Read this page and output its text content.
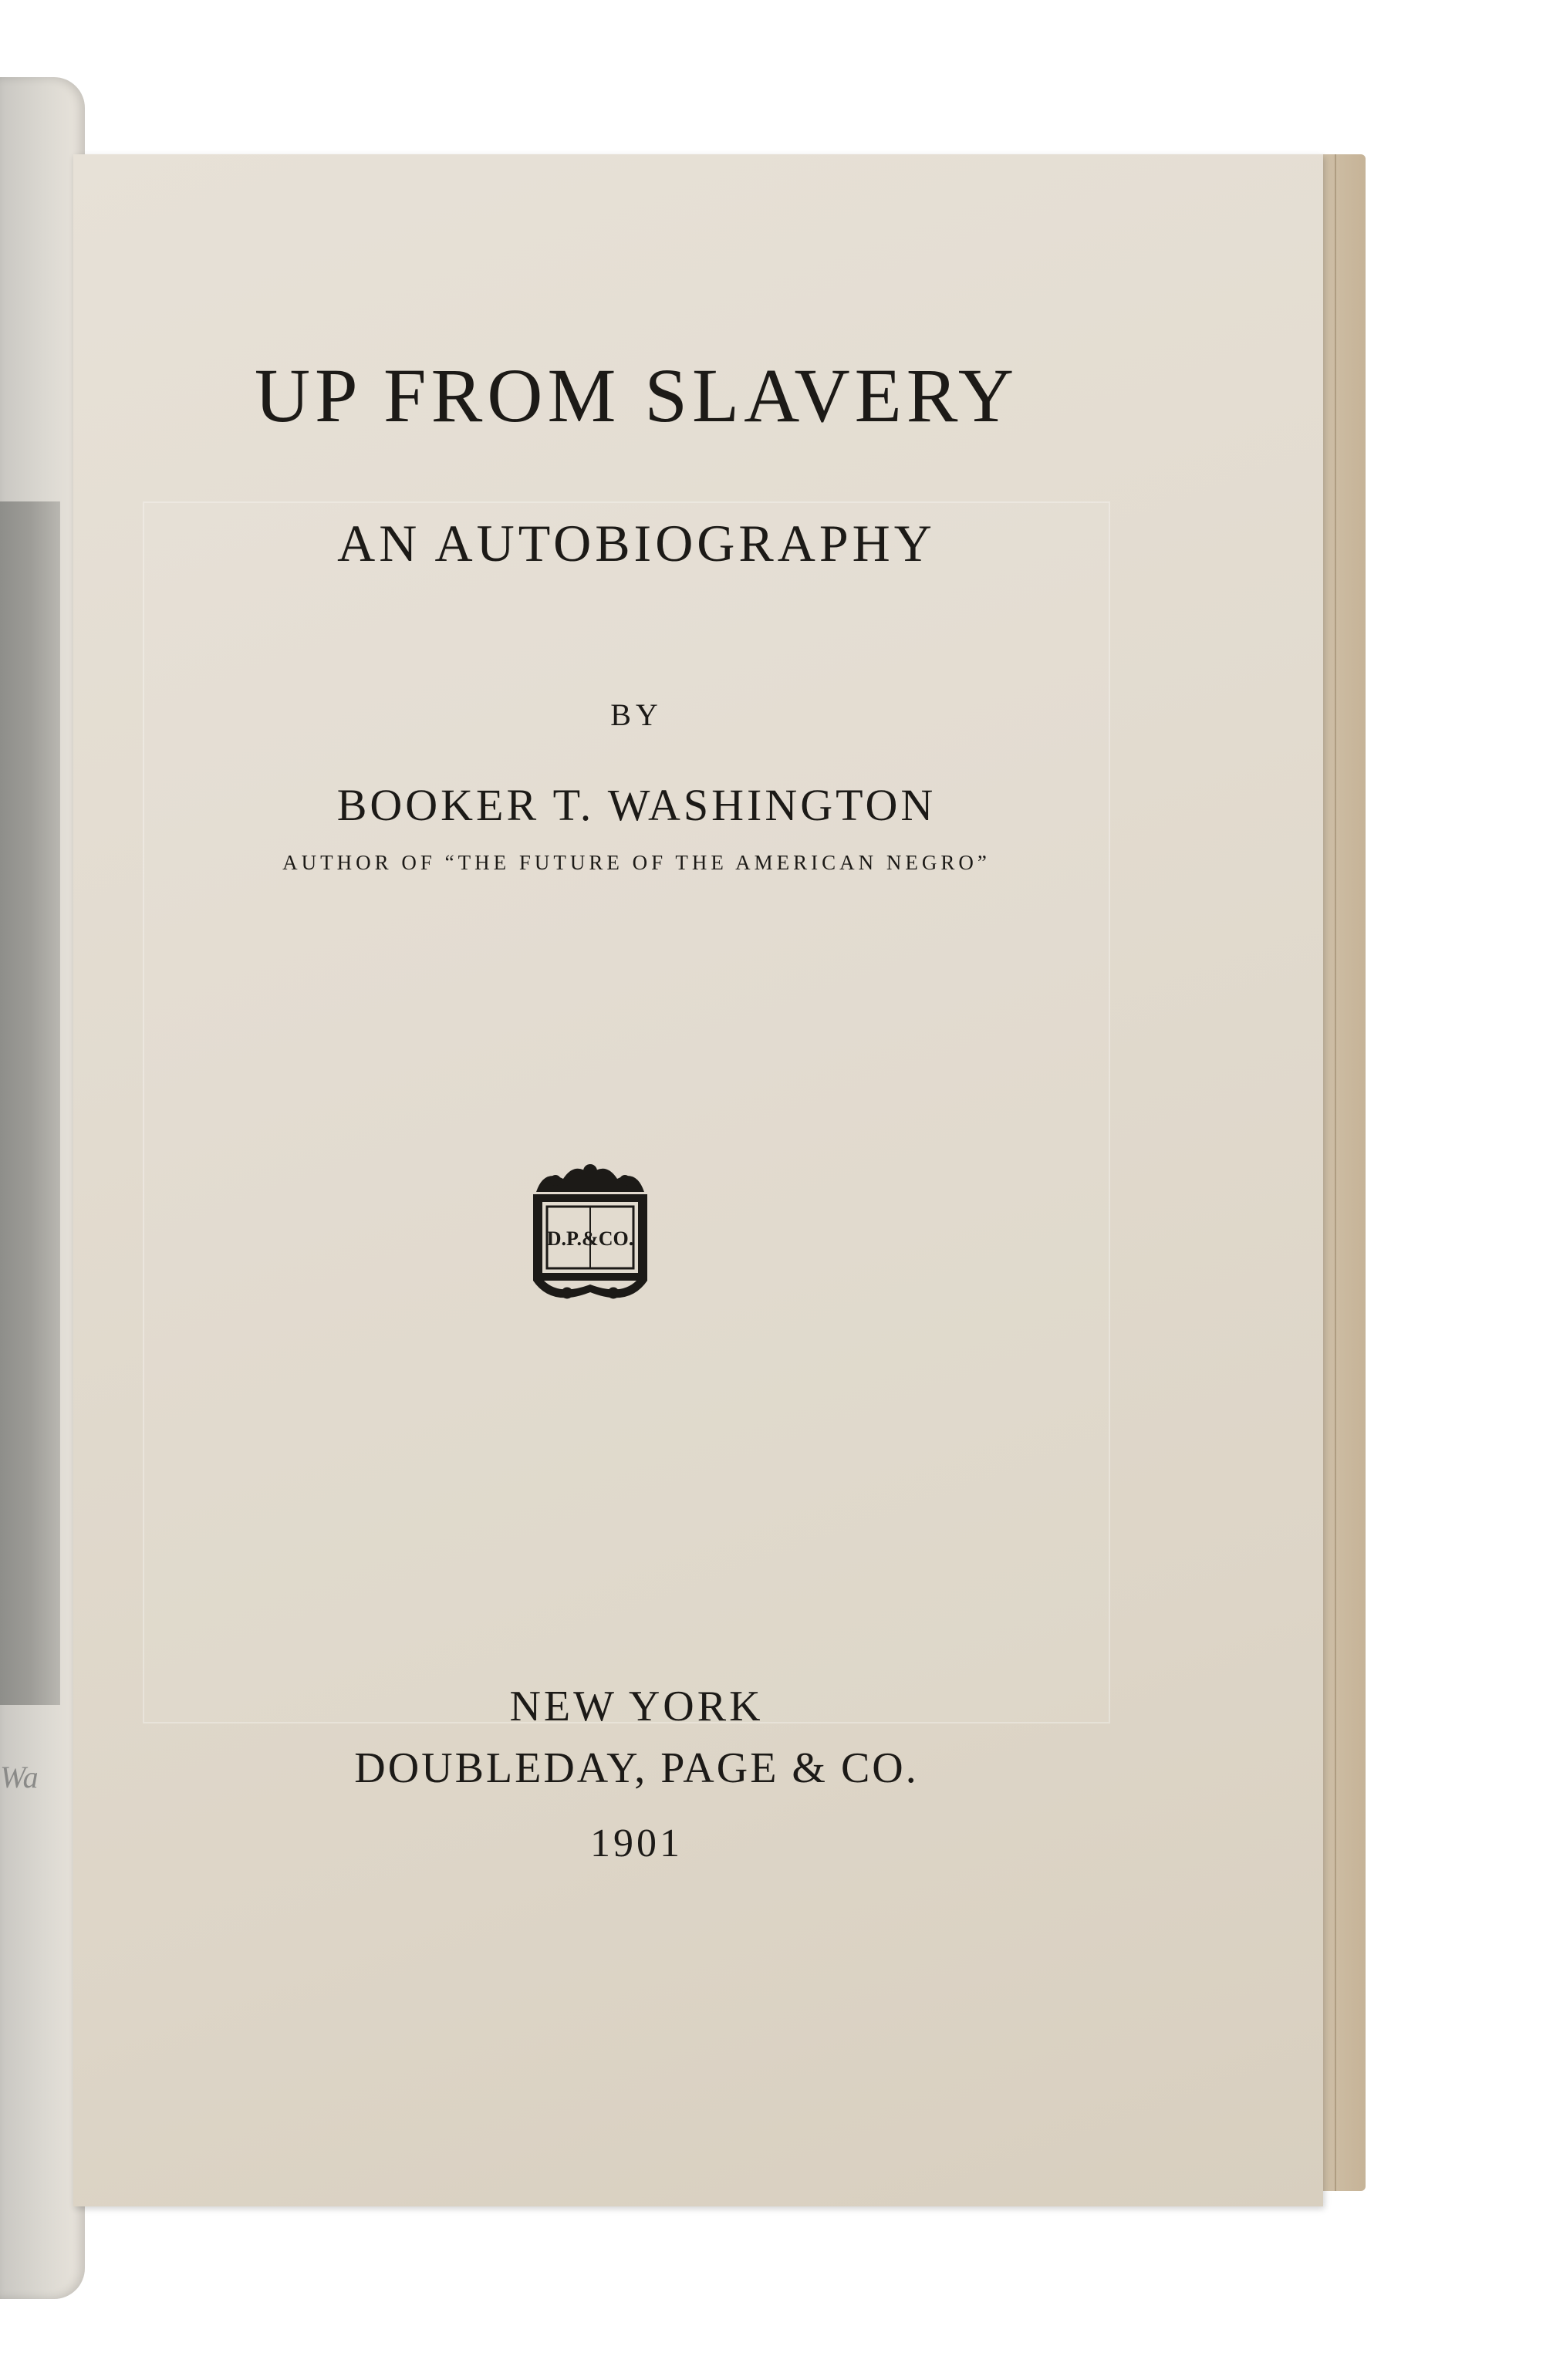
Wa
UP FROM SLAVERY
AN AUTOBIOGRAPHY
BY
BOOKER T. WASHINGTON
AUTHOR OF “THE FUTURE OF THE AMERICAN NEGRO”
D.P.&CO.
NEW YORK
DOUBLEDAY, PAGE & CO.
1901
